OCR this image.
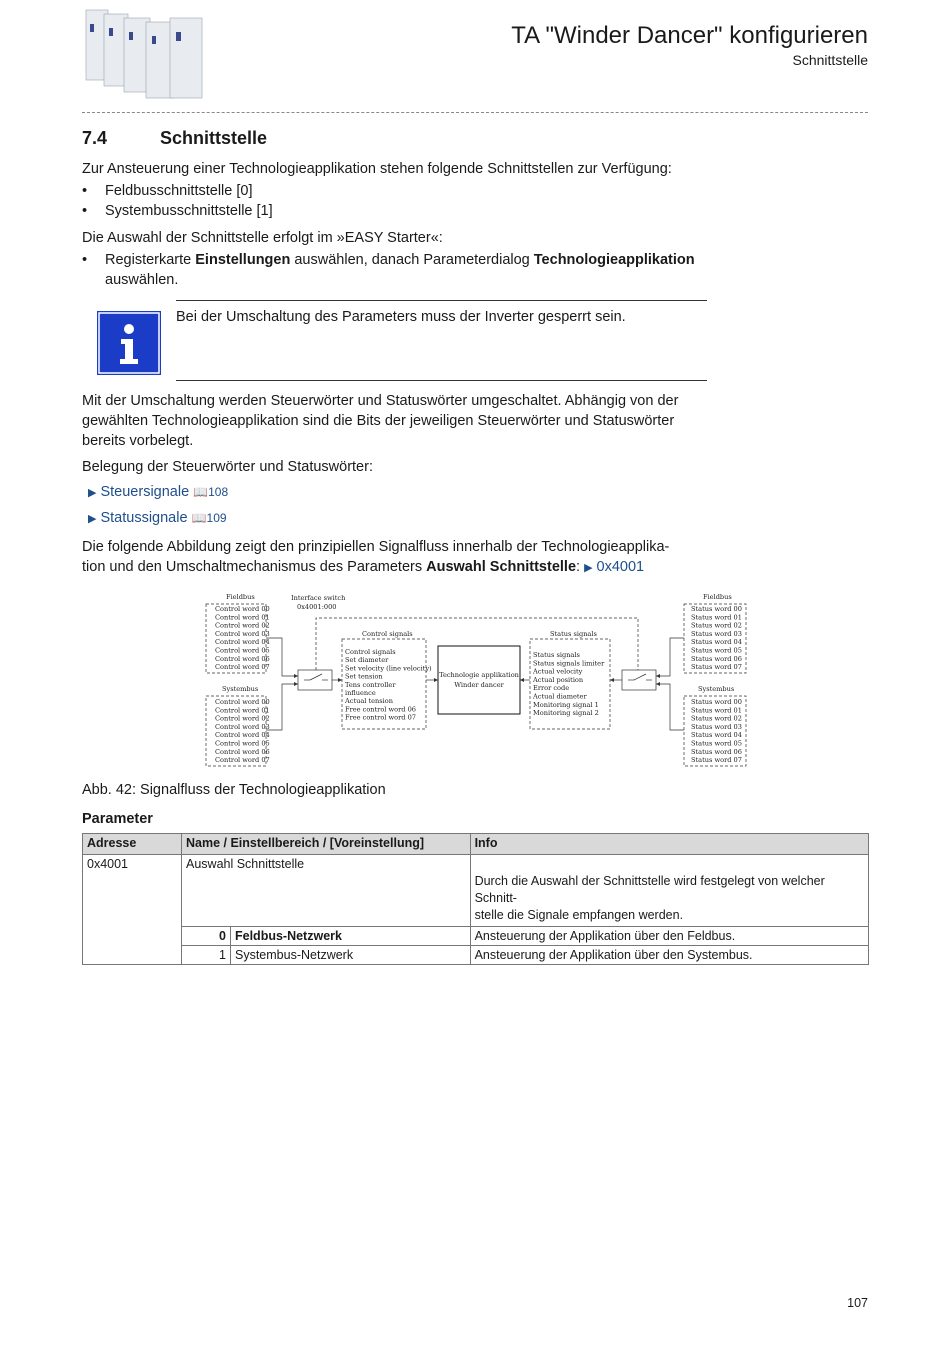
TA "Winder Dancer" konfigurieren
Schnittstelle
7.4	Schnittstelle
Zur Ansteuerung einer Technologieapplikation stehen folgende Schnittstellen zur Verfügung:
• Feldbusschnittstelle [0]
• Systembusschnittstelle [1]
Die Auswahl der Schnittstelle erfolgt im »EASY Starter«:
• Registerkarte Einstellungen auswählen, danach Parameterdialog Technologieapplikation
auswählen.
Bei der Umschaltung des Parameters muss der Inverter gesperrt sein.
Mit der Umschaltung werden Steuerwörter und Statuswörter umgeschaltet. Abhängig von der
gewählten Technologieapplikation sind die Bits der jeweiligen Steuerwörter und Statuswörter
bereits vorbelegt.
Belegung der Steuerwörter und Statuswörter:
▶ Steuersignale 📖108
▶ Statussignale 📖109
Die folgende Abbildung zeigt den prinzipiellen Signalfluss innerhalb der Technologieapplika-
tion und den Umschaltmechanismus des Parameters Auswahl Schnittstelle: ▶ 0x4001
Fieldbus
Systembus
Fieldbus
Systembus
Interface switch
0x4001:000
Control signals	Status signals
Technologie applikation
Winder dancer
Control word 00
Control word 01
Control word 02
Control word 03
Control word 04
Control word 05
Control word 06
Control word 07
Control word 00
Control word 01
Control word 02
Control word 03
Control word 04
Control word 05
Control word 06
Control word 07
Status word 00
Status word 01
Status word 02
Status word 03
Status word 04
Status word 05
Status word 06
Status word 07
Status word 00
Status word 01
Status word 02
Status word 03
Status word 04
Status word 05
Status word 06
Status word 07
Control signals
Set diameter
Set velocity (line velocity)
Set tension
Tens controller
influence
Actual tension
Free control word 06
Free control word 07
Status signals
Status signals limiter
Actual velocity
Actual position
Error code
Actual diameter
Monitoring signal 1
Monitoring signal 2
Abb. 42: Signalfluss der Technologieapplikation
Parameter
Adresse	Name / Einstellbereich / [Voreinstellung]		Info
0x4001	Auswahl Schnittstelle		Durch die Auswahl der Schnittstelle wird festgelegt von welcher Schnitt-
stelle die Signale empfangen werden.
	0	Feldbus-Netzwerk	Ansteuerung der Applikation über den Feldbus.
	1	Systembus-Netzwerk	Ansteuerung der Applikation über den Systembus.
107
